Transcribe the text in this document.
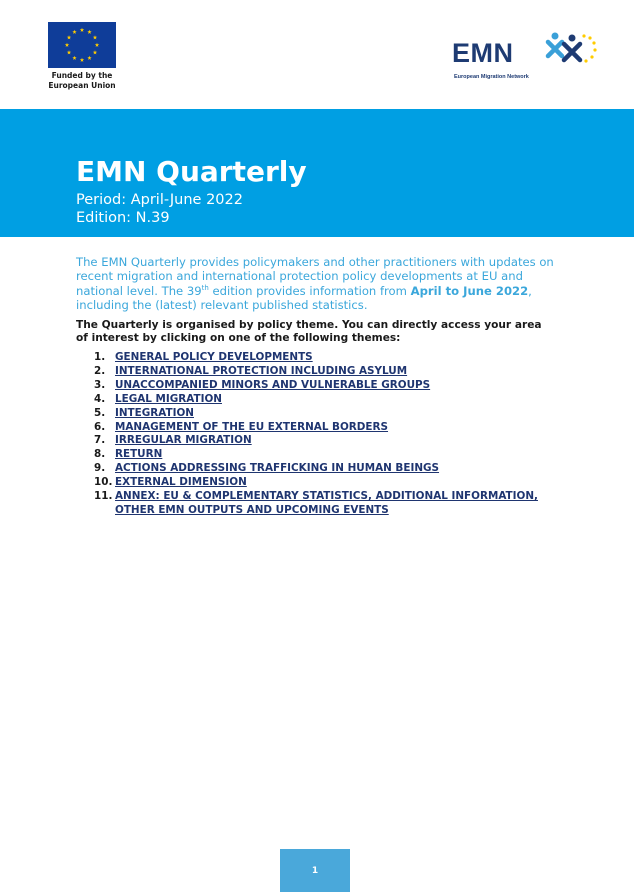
Funded by the
European Union
EMN
European Migration Network
EMN Quarterly
Period: April-June 2022
Edition: N.39

The EMN Quarterly provides policymakers and other practitioners with updates on recent migration and international protection policy developments at EU and national level. The 39th edition provides information from April to June 2022, including the (latest) relevant published statistics.

The Quarterly is organised by policy theme. You can directly access your area of interest by clicking on one of the following themes:

1. GENERAL POLICY DEVELOPMENTS
2. INTERNATIONAL PROTECTION INCLUDING ASYLUM
3. UNACCOMPANIED MINORS AND VULNERABLE GROUPS
4. LEGAL MIGRATION
5. INTEGRATION
6. MANAGEMENT OF THE EU EXTERNAL BORDERS
7. IRREGULAR MIGRATION
8. RETURN
9. ACTIONS ADDRESSING TRAFFICKING IN HUMAN BEINGS
10. EXTERNAL DIMENSION
11. ANNEX: EU & COMPLEMENTARY STATISTICS, ADDITIONAL INFORMATION, OTHER EMN OUTPUTS AND UPCOMING EVENTS
1
